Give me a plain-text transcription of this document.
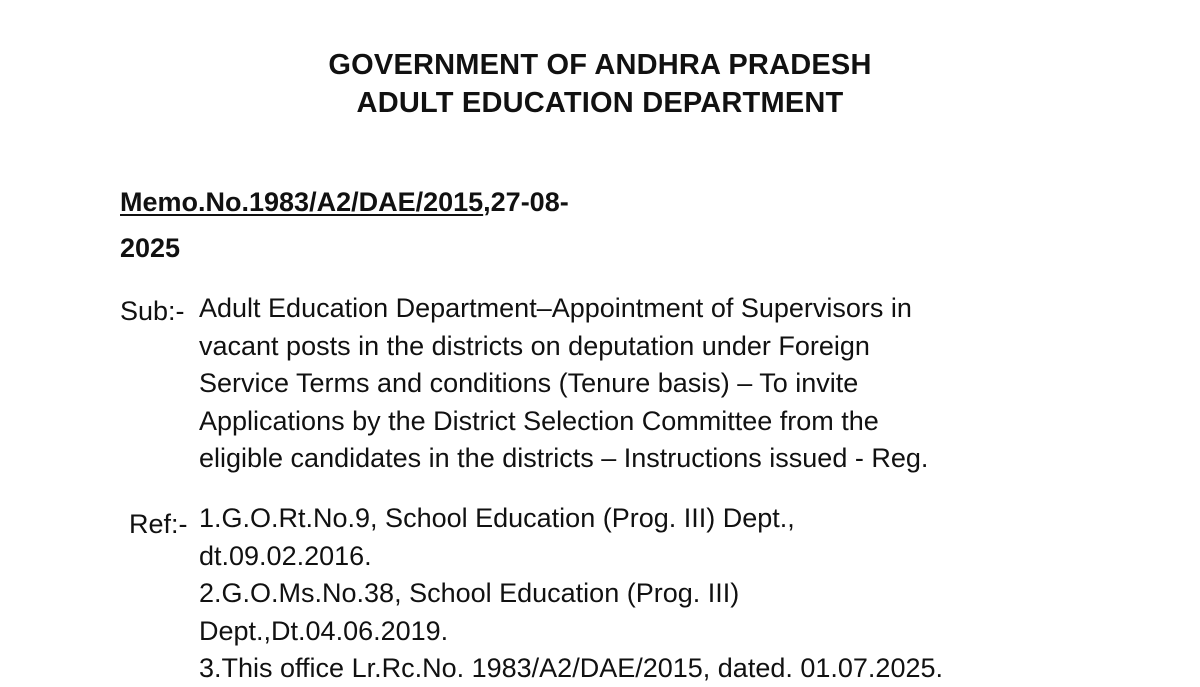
GOVERNMENT OF ANDHRA PRADESH
ADULT EDUCATION DEPARTMENT
Memo.No.1983/A2/DAE/2015,27-08-
2025
Sub:- Adult Education Department–Appointment of Supervisors in
vacant posts in the districts on deputation under Foreign
Service Terms and conditions (Tenure basis) – To invite
Applications by the District Selection Committee from the
eligible candidates in the districts – Instructions issued - Reg.
Ref:- 1.G.O.Rt.No.9, School Education (Prog. III) Dept.,
dt.09.02.2016.
2.G.O.Ms.No.38, School Education (Prog. III)
Dept.,Dt.04.06.2019.
3.This office Lr.Rc.No. 1983/A2/DAE/2015, dated. 01.07.2025.
